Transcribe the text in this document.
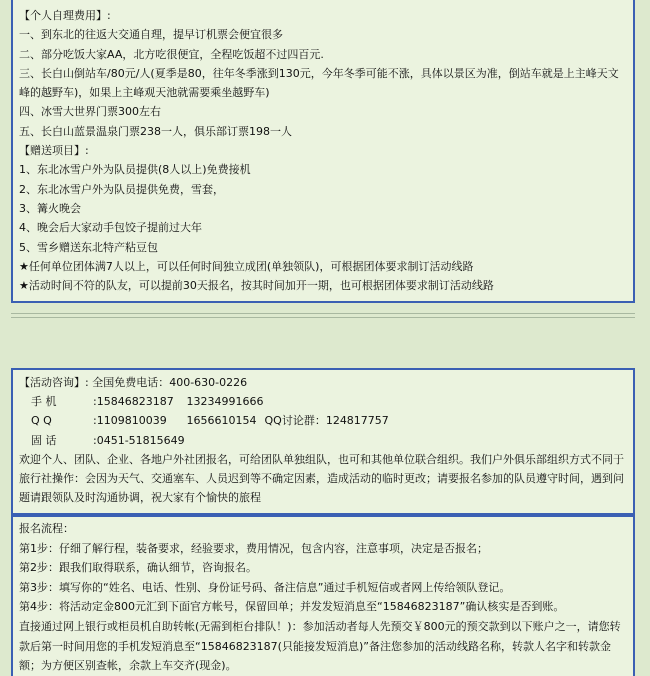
【个人自理费用】:
一、到东北的往返大交通自理，提早订机票会便宜很多
二、部分吃饭大家AA，北方吃很便宜，全程吃饭超不过四百元.
三、长白山倒站车/80元/人(夏季是80，往年冬季涨到130元，今年冬季可能不涨，具体以景区为准，倒站车就是上主峰天文峰的越野车)，如果上主峰观天池就需要乘坐越野车)
四、冰雪大世界门票300左右
五、长白山蓝景温泉门票238一人，俱乐部订票198一人
【赠送项目】:
1、东北冰雪户外为队员提供(8人以上)免费接机
2、东北冰雪户外为队员提供免费，雪套，
3、篝火晚会
4、晚会后大家动手包饺子提前过大年
5、雪乡赠送东北特产粘豆包
★任何单位团体满7人以上，可以任何时间独立成团(单独领队)，可根据团体要求制订活动线路
★活动时间不符的队友，可以提前30天报名，按其时间加开一期，也可根据团体要求制订活动线路
【活动咨询】: 全国免费电话：400-630-0226
手 机	:15846823187 13234991666
Q Q	:1109810039 1656610154 QQ讨论群：124817757
固 话	:0451-51815649
欢迎个人、团队、企业、各地户外社团报名，可给团队单独组队，也可和其他单位联合组织。我们户外俱乐部组织方式不同于旅行社操作：会因为天气、交通塞车、人员迟到等不确定因素，造成活动的临时更改；请要报名参加的队员遵守时间，遇到问题请跟领队及时沟通协调，祝大家有个愉快的旅程
报名流程：
第1步：仔细了解行程，装备要求，经验要求，费用情况，包含内容，注意事项，决定是否报名；
第2步：跟我们取得联系，确认细节，咨询报名。
第3步：填写你的“姓名、电话、性别、身份证号码、备注信息”通过手机短信或者网上传给领队登记。
第4步：将活动定金800元汇到下面官方帐号，保留回单；并发发短消息至“15846823187”确认核实是否到账。
直接通过网上银行或柜员机自助转帐(无需到柜台排队！)：参加活动者每人先预交￥800元的预交款到以下账户之一，请您转款后第一时间用您的手机发短消息至“15846823187(只能接发短消息)”备注您参加的活动线路名称，转款人名字和转款金额；为方便区别查帐，余款上车交齐(现金)。
